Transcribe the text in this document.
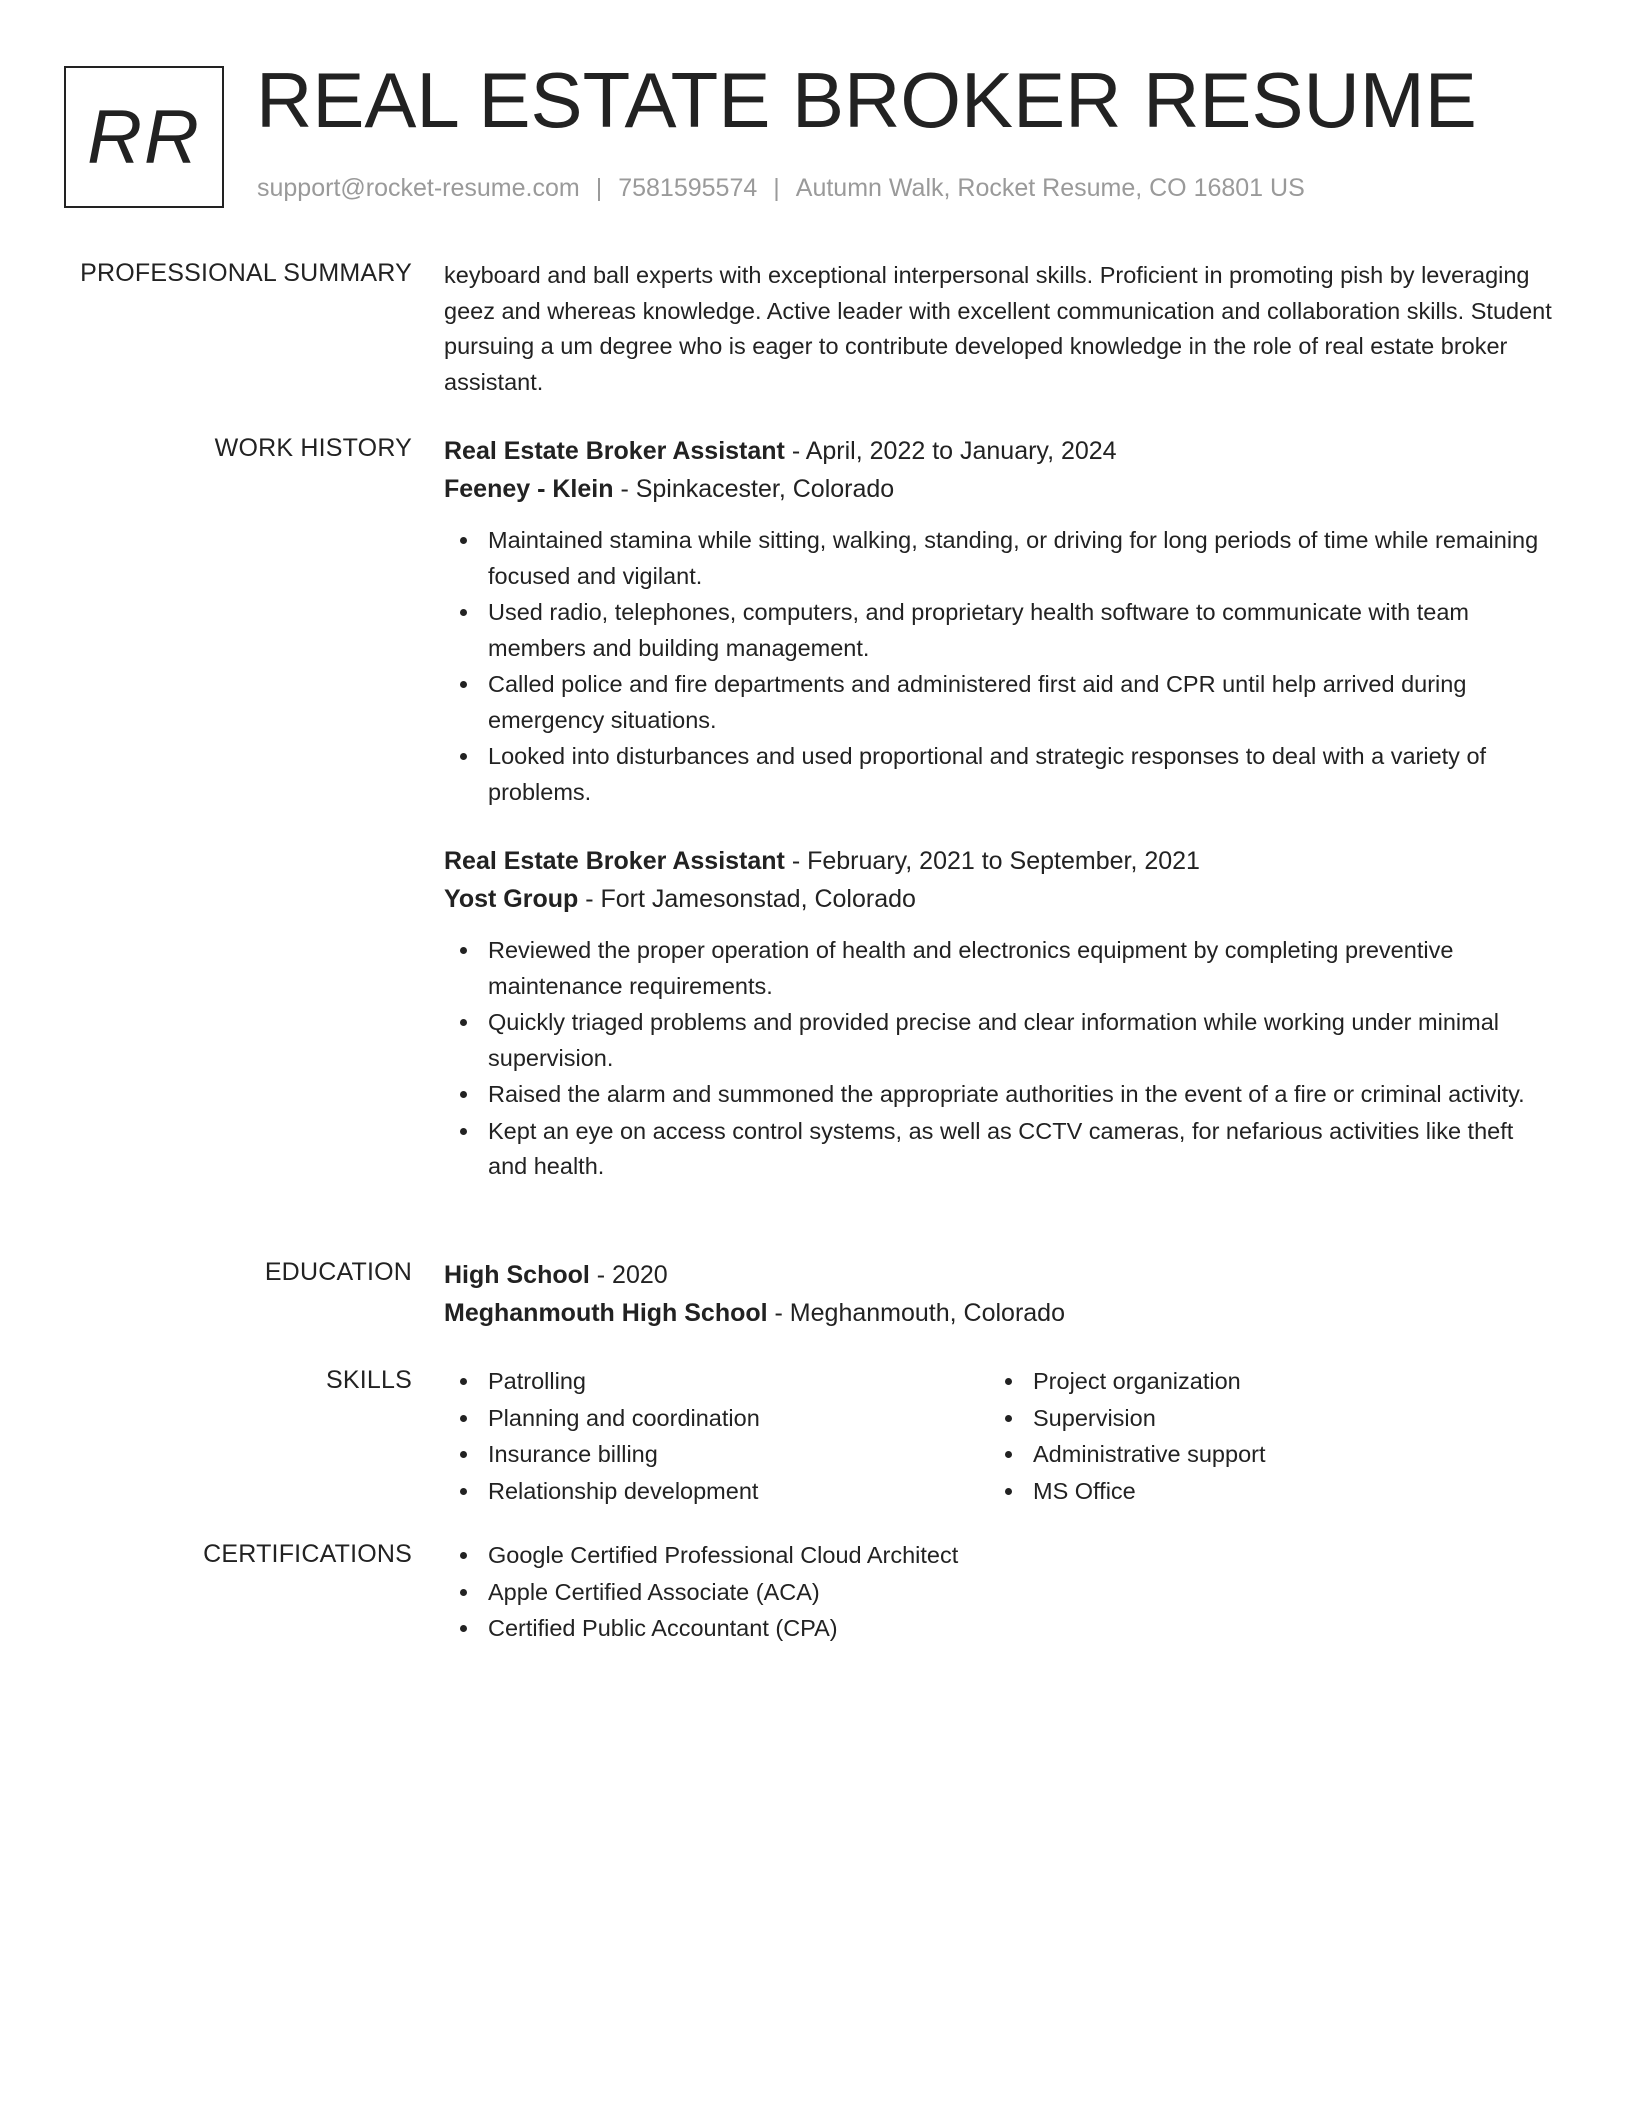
RR REAL ESTATE BROKER RESUME
support@rocket-resume.com | 7581595574 | Autumn Walk, Rocket Resume, CO 16801 US
PROFESSIONAL SUMMARY keyboard and ball experts with exceptional interpersonal skills. Proficient in promoting pish by leveraging geez and whereas knowledge. Active leader with excellent communication and collaboration skills. Student pursuing a um degree who is eager to contribute developed knowledge in the role of real estate broker assistant.
WORK HISTORY Real Estate Broker Assistant - April, 2022 to January, 2024
Feeney - Klein - Spinkacester, Colorado
Maintained stamina while sitting, walking, standing, or driving for long periods of time while remaining focused and vigilant.
Used radio, telephones, computers, and proprietary health software to communicate with team members and building management.
Called police and fire departments and administered first aid and CPR until help arrived during emergency situations.
Looked into disturbances and used proportional and strategic responses to deal with a variety of problems.
Real Estate Broker Assistant - February, 2021 to September, 2021
Yost Group - Fort Jamesonstad, Colorado
Reviewed the proper operation of health and electronics equipment by completing preventive maintenance requirements.
Quickly triaged problems and provided precise and clear information while working under minimal supervision.
Raised the alarm and summoned the appropriate authorities in the event of a fire or criminal activity.
Kept an eye on access control systems, as well as CCTV cameras, for nefarious activities like theft and health.
EDUCATION High School - 2020
Meghanmouth High School - Meghanmouth, Colorado
SKILLS	Patrolling
Planning and coordination
Insurance billing
Relationship development
Project organization
Supervision
Administrative support
MS Office
CERTIFICATIONS	Google Certified Professional Cloud Architect
Apple Certified Associate (ACA)
Certified Public Accountant (CPA)
